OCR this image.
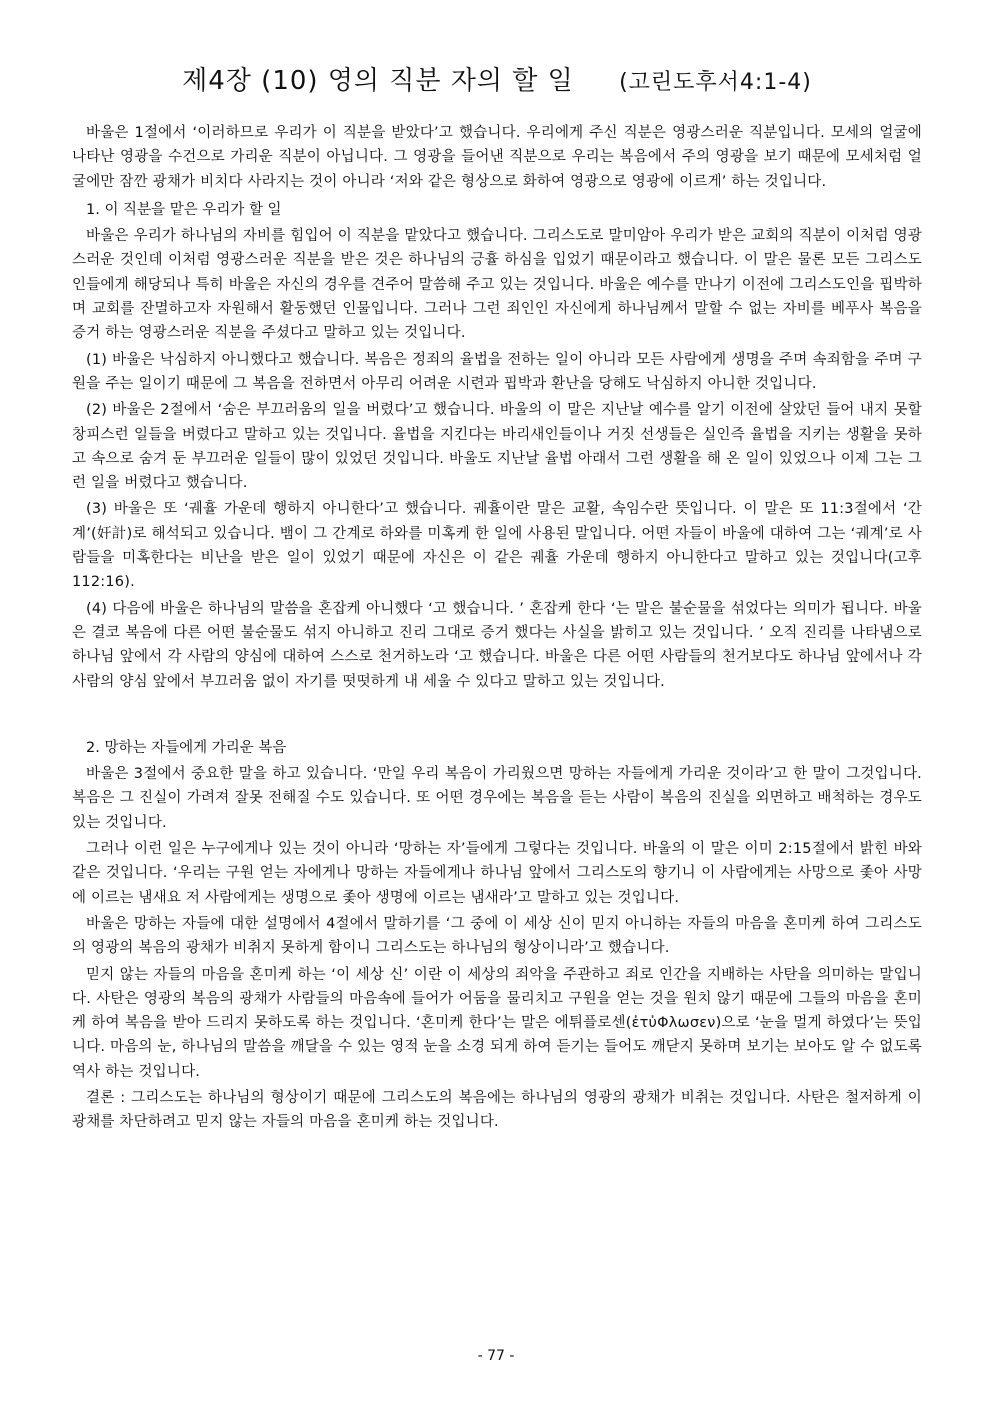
제4장 (10) 영의 직분 자의 할 일 (고린도후서4:1-4)

바울은 1절에서 ‘이러하므로 우리가 이 직분을 받았다’고 했습니다. 우리에게 주신 직분은 영광스러운 직분입니다. 모세의 얼굴에 나타난 영광을 수건으로 가리운 직분이 아닙니다. 그 영광을 들어낸 직분으로 우리는 복음에서 주의 영광을 보기 때문에 모세처럼 얼굴에만 잠깐 광채가 비치다 사라지는 것이 아니라 ‘저와 같은 형상으로 화하여 영광으로 영광에 이르게’ 하는 것입니다.

1. 이 직분을 맡은 우리가 할 일

바울은 우리가 하나님의 자비를 힘입어 이 직분을 맡았다고 했습니다. 그리스도로 말미암아 우리가 받은 교회의 직분이 이처럼 영광스러운 것인데 이처럼 영광스러운 직분을 받은 것은 하나님의 긍휼 하심을 입었기 때문이라고 했습니다. 이 말은 물론 모든 그리스도인들에게 해당되나 특히 바울은 자신의 경우를 견주어 말씀해 주고 있는 것입니다. 바울은 예수를 만나기 이전에 그리스도인을 핍박하며 교회를 잔멸하고자 자원해서 활동했던 인물입니다. 그러나 그런 죄인인 자신에게 하나님께서 말할 수 없는 자비를 베푸사 복음을 증거 하는 영광스러운 직분을 주셨다고 말하고 있는 것입니다.

(1) 바울은 낙심하지 아니했다고 했습니다. 복음은 정죄의 율법을 전하는 일이 아니라 모든 사람에게 생명을 주며 속죄함을 주며 구원을 주는 일이기 때문에 그 복음을 전하면서 아무리 어려운 시련과 핍박과 환난을 당해도 낙심하지 아니한 것입니다.

(2) 바울은 2절에서 ‘숨은 부끄러움의 일을 버렸다’고 했습니다. 바울의 이 말은 지난날 예수를 알기 이전에 살았던 들어 내지 못할 창피스런 일들을 버렸다고 말하고 있는 것입니다. 율법을 지킨다는 바리새인들이나 거짓 선생들은 실인즉 율법을 지키는 생활을 못하고 속으로 숨겨 둔 부끄러운 일들이 많이 있었던 것입니다. 바울도 지난날 율법 아래서 그런 생활을 해 온 일이 있었으나 이제 그는 그런 일을 버렸다고 했습니다.

(3) 바울은 또 ‘궤휼 가운데 행하지 아니한다’고 했습니다. 궤휼이란 말은 교활, 속임수란 뜻입니다. 이 말은 또 11:3절에서 ‘간계’(奸計)로 해석되고 있습니다. 뱀이 그 간계로 하와를 미혹케 한 일에 사용된 말입니다. 어떤 자들이 바울에 대하여 그는 ‘궤계’로 사람들을 미혹한다는 비난을 받은 일이 있었기 때문에 자신은 이 같은 궤휼 가운데 행하지 아니한다고 말하고 있는 것입니다(고후112:16).

(4) 다음에 바울은 하나님의 말씀을 혼잡케 아니했다 ‘고 했습니다. ’ 혼잡케 한다 ‘는 말은 불순물을 섞었다는 의미가 됩니다. 바울은 결코 복음에 다른 어떤 불순물도 섞지 아니하고 진리 그대로 증거 했다는 사실을 밝히고 있는 것입니다. ’ 오직 진리를 나타냄으로 하나님 앞에서 각 사람의 양심에 대하여 스스로 천거하노라 ‘고 했습니다. 바울은 다른 어떤 사람들의 천거보다도 하나님 앞에서나 각 사람의 양심 앞에서 부끄러움 없이 자기를 떳떳하게 내 세울 수 있다고 말하고 있는 것입니다.

2. 망하는 자들에게 가리운 복음

바울은 3절에서 중요한 말을 하고 있습니다. ‘만일 우리 복음이 가리웠으면 망하는 자들에게 가리운 것이라’고 한 말이 그것입니다. 복음은 그 진실이 가려져 잘못 전해질 수도 있습니다. 또 어떤 경우에는 복음을 듣는 사람이 복음의 진실을 외면하고 배척하는 경우도 있는 것입니다.

그러나 이런 일은 누구에게나 있는 것이 아니라 ‘망하는 자’들에게 그렇다는 것입니다. 바울의 이 말은 이미 2:15절에서 밝힌 바와 같은 것입니다. ‘우리는 구원 얻는 자에게나 망하는 자들에게나 하나님 앞에서 그리스도의 향기니 이 사람에게는 사망으로 좇아 사망에 이르는 냄새요 저 사람에게는 생명으로 좇아 생명에 이르는 냄새라’고 말하고 있는 것입니다.

바울은 망하는 자들에 대한 설명에서 4절에서 말하기를 ‘그 중에 이 세상 신이 믿지 아니하는 자들의 마음을 혼미케 하여 그리스도의 영광의 복음의 광채가 비취지 못하게 함이니 그리스도는 하나님의 형상이니라’고 했습니다.

믿지 않는 자들의 마음을 혼미케 하는 ‘이 세상 신’ 이란 이 세상의 죄악을 주관하고 죄로 인간을 지배하는 사탄을 의미하는 말입니다. 사탄은 영광의 복음의 광채가 사람들의 마음속에 들어가 어둠을 물리치고 구원을 얻는 것을 원치 않기 때문에 그들의 마음을 혼미케 하여 복음을 받아 드리지 못하도록 하는 것입니다. ‘혼미케 한다’는 말은 에튀플로센(ἐτὐΦλωσεν)으로 ‘눈을 멀게 하였다’는 뜻입니다. 마음의 눈, 하나님의 말씀을 깨달을 수 있는 영적 눈을 소경 되게 하여 듣기는 들어도 깨닫지 못하며 보기는 보아도 알 수 없도록 역사 하는 것입니다.

결론 : 그리스도는 하나님의 형상이기 때문에 그리스도의 복음에는 하나님의 영광의 광채가 비취는 것입니다. 사탄은 철저하게 이 광채를 차단하려고 믿지 않는 자들의 마음을 혼미케 하는 것입니다.

- 77 -
